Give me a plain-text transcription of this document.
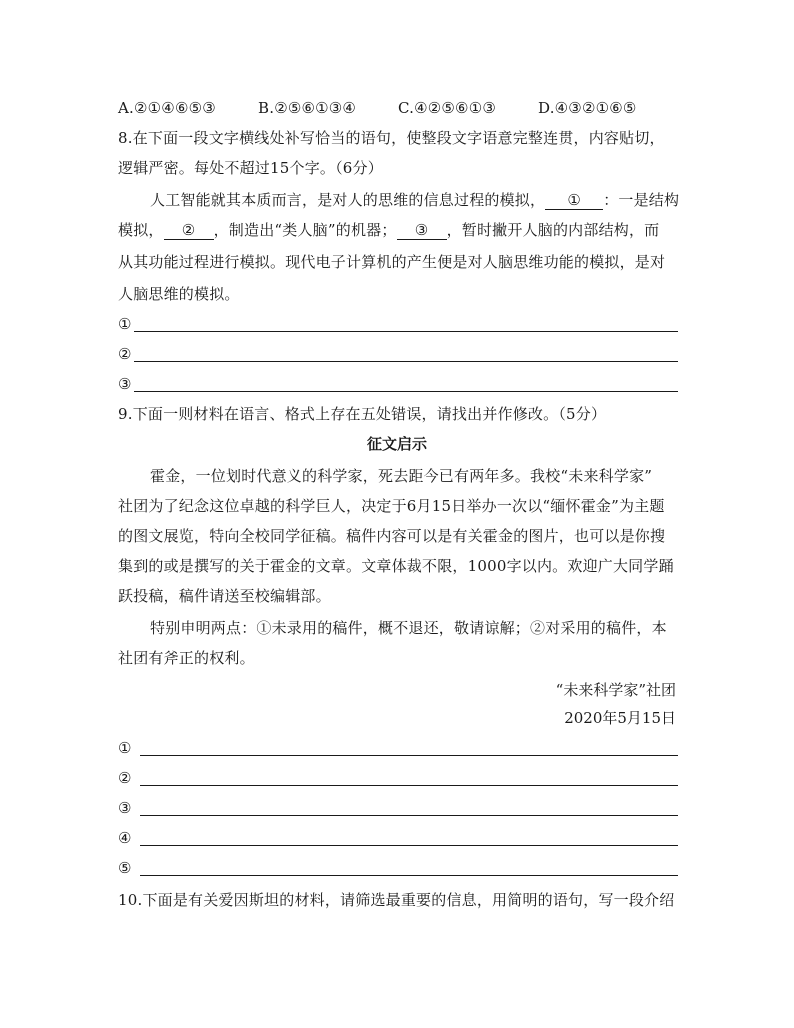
A.②①④⑥⑤③	B.②⑤⑥①③④	C.④②⑤⑥①③	D.④③②①⑥⑤
8.在下面一段文字横线处补写恰当的语句，使整段文字语意完整连贯，内容贴切，
逻辑严密。每处不超过15个字。（6分）
人工智能就其本质而言，是对人的思维的信息过程的模拟， ① ：一是结构
模拟， ② ，制造出“类人脑”的机器； ③ ，暂时撇开人脑的内部结构，而
从其功能过程进行模拟。现代电子计算机的产生便是对人脑思维功能的模拟，是对
人脑思维的模拟。
①
②
③
9.下面一则材料在语言、格式上存在五处错误，请找出并作修改。（5分）
征文启示
霍金，一位划时代意义的科学家，死去距今已有两年多。我校“未来科学家”
社团为了纪念这位卓越的科学巨人，决定于6月15日举办一次以“缅怀霍金”为主题
的图文展览，特向全校同学征稿。稿件内容可以是有关霍金的图片，也可以是你搜
集到的或是撰写的关于霍金的文章。文章体裁不限，1000字以内。欢迎广大同学踊
跃投稿，稿件请送至校编辑部。
特别申明两点：①未录用的稿件，概不退还，敬请谅解；②对采用的稿件，本
社团有斧正的权利。
“未来科学家”社团
2020年5月15日
①
②
③
④
⑤
10.下面是有关爱因斯坦的材料，请筛选最重要的信息，用简明的语句，写一段介绍
